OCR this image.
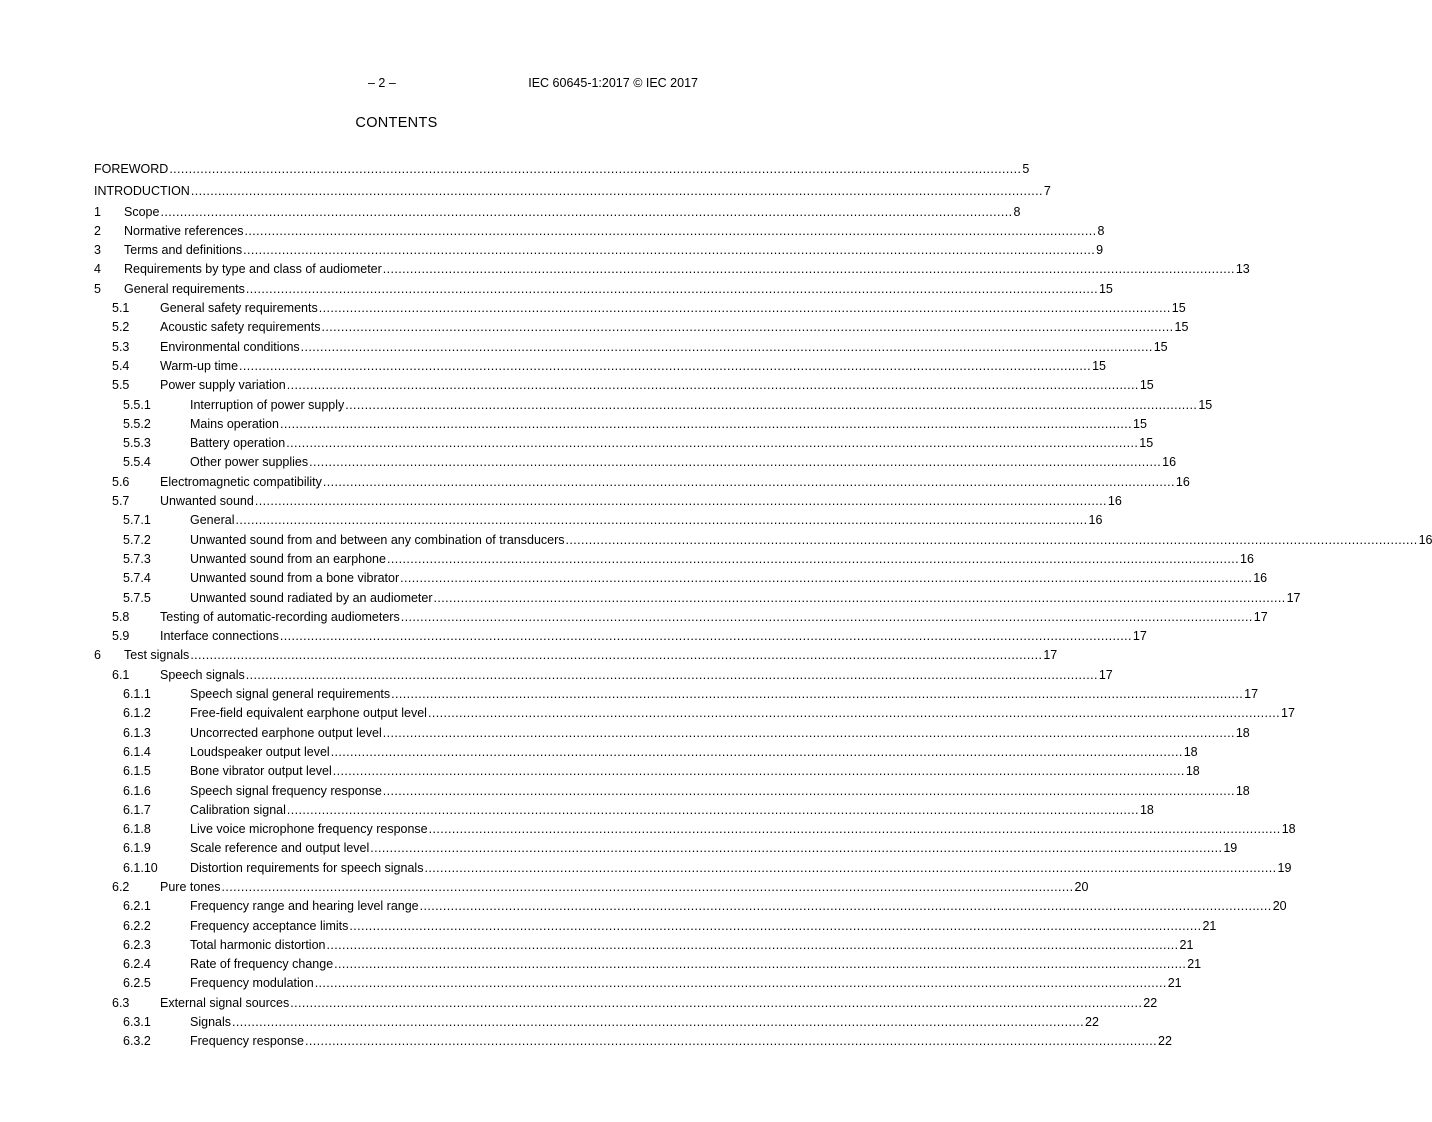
– 2 –	IEC 60645-1:2017 © IEC 2017
CONTENTS
FOREWORD ............................................................................................................................................................................................................................ 5
INTRODUCTION ............................................................................................................................................................................................................................ 7
1 Scope ............................................................................................................................................................................................................................ 8
2 Normative references ............................................................................................................................................................................................................................ 8
3 Terms and definitions ............................................................................................................................................................................................................................ 9
4 Requirements by type and class of audiometer ............................................................................................................................................................................................................................ 13
5 General requirements ............................................................................................................................................................................................................................ 15
5.1 General safety requirements ............................................................................................................................................................................................................................ 15
5.2 Acoustic safety requirements ............................................................................................................................................................................................................................ 15
5.3 Environmental conditions ............................................................................................................................................................................................................................ 15
5.4 Warm-up time ............................................................................................................................................................................................................................ 15
5.5 Power supply variation ............................................................................................................................................................................................................................ 15
5.5.1	Interruption of power supply ............................................................................................................................................................................................................................ 15
5.5.2	Mains operation ............................................................................................................................................................................................................................ 15
5.5.3	Battery operation ............................................................................................................................................................................................................................ 15
5.5.4	Other power supplies ............................................................................................................................................................................................................................ 16
5.6 Electromagnetic compatibility ............................................................................................................................................................................................................................ 16
5.7 Unwanted sound ............................................................................................................................................................................................................................ 16
5.7.1	General ............................................................................................................................................................................................................................ 16
5.7.2	Unwanted sound from and between any combination of transducers ............................................................................................................................................................................................................................ 16
5.7.3	Unwanted sound from an earphone ............................................................................................................................................................................................................................ 16
5.7.4	Unwanted sound from a bone vibrator ............................................................................................................................................................................................................................ 16
5.7.5	Unwanted sound radiated by an audiometer ............................................................................................................................................................................................................................ 17
5.8 Testing of automatic-recording audiometers ............................................................................................................................................................................................................................ 17
5.9 Interface connections ............................................................................................................................................................................................................................ 17
6 Test signals ............................................................................................................................................................................................................................ 17
6.1 Speech signals ............................................................................................................................................................................................................................ 17
6.1.1	Speech signal general requirements ............................................................................................................................................................................................................................ 17
6.1.2	Free-field equivalent earphone output level ............................................................................................................................................................................................................................ 17
6.1.3	Uncorrected earphone output level ............................................................................................................................................................................................................................ 18
6.1.4	Loudspeaker output level ............................................................................................................................................................................................................................ 18
6.1.5	Bone vibrator output level ............................................................................................................................................................................................................................ 18
6.1.6	Speech signal frequency response ............................................................................................................................................................................................................................ 18
6.1.7	Calibration signal ............................................................................................................................................................................................................................ 18
6.1.8	Live voice microphone frequency response ............................................................................................................................................................................................................................ 18
6.1.9	Scale reference and output level ............................................................................................................................................................................................................................ 19
6.1.10	Distortion requirements for speech signals ............................................................................................................................................................................................................................ 19
6.2 Pure tones ............................................................................................................................................................................................................................ 20
6.2.1	Frequency range and hearing level range ............................................................................................................................................................................................................................ 20
6.2.2	Frequency acceptance limits ............................................................................................................................................................................................................................ 21
6.2.3	Total harmonic distortion ............................................................................................................................................................................................................................ 21
6.2.4	Rate of frequency change ............................................................................................................................................................................................................................ 21
6.2.5	Frequency modulation ............................................................................................................................................................................................................................ 21
6.3 External signal sources ............................................................................................................................................................................................................................ 22
6.3.1	Signals ............................................................................................................................................................................................................................ 22
6.3.2	Frequency response ............................................................................................................................................................................................................................ 22
